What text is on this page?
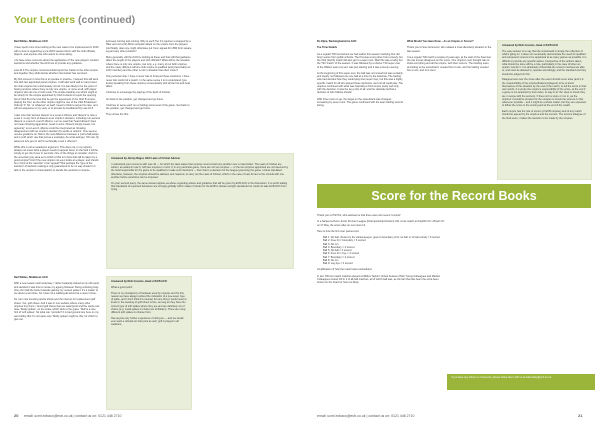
Your Letters (continued)

Ned Wildes, Middlesex ACO

I have spent more time looking at the new Laws to be implemented in 2016 with a view to organizing a pre-2016 season forum with the club officials, players, and anyone else who wants to come along.

I do have some concerns about the application of 'the new players' conduct sanctions and whether the ACO are to provide any guidance.

Law 42.3 The umpire concerned shall report the matter to the other umpire and together they shall decide whether misconduct has occurred.

My first concern is how this is to operate in practice. I suspect this will work fine with two appointed panel umpires. It will also work well in many lower-tier club umpires but unfortunately not all. It is less likely to be the point of having umpires where there is only one umpire, or none at all, with player umpires who do one or both ends. The simple bowling one which ought to be simply for the umpire appointed by Club A wants to report the opening bat of Club B at the toss that he got the agreement of the Club B umpire, playing the 'fine' as the other umpire might be one of the Club B batsmen! Voila tip 'F' No. 'or whatever' as well! I need to think to argue his case, and will not acquiesce to my view, or to at least be bewildered by Law 42.3.

I also note that 'serious dissent' is a Level 2 offence and 'dissent' is now a Level 1. Is any form of dissent at an umpire's decision, including non-serious dissent, is a level 1 event? offence. Let me read that 'heard dissent' does not mean showing aggression, head or arms. Dissent simply means 'not agreeing'; so a Level 1 offence could be interpreted as 'showing disagreement with an umpire's decision by words or actions'. One sees to receive guidance on: little is the new difference between a 'pull a ball-swipe' and a 'pull' (and I use that just as a example), As a bat-swinger, 'Oh rats, fly away but let's get on with it' technically Level 1 offence?

While this is not an academic argument. This does not, in my opinion, always not mean what a player needs to appeal. Even on the field it will be simply to get rid of over in seconds. One of the things to consider. And it is the uncertain grey area as to which of this is to how that will be taken by a good umpire? And if the new umpire not even looks at a player, and should be in front of the 'sanction' of an 'appeal'? But perhaps the 'type of the sanction' of decision making is only guaranteed to be no way should it or fails in the umpire's contemplation to decide the sanction to impose.

just keep coming and coming. Why is each Tier 21 requires a snapped by a flitter and not a full 30mm acoustic attack on the umpire from the players. And finally, does one might otherwise put 'tone' appeal for LBW from square leg and any other position?

More generally, will the ACO be looking at these and how will that guidance affect the length of the players and club officials? What will be the situation where there is only one umpire, two only, e.g. many of our both umpires, and the many different will one club umpire is qualified (and presumably an ACO member) and the other is not in situation that often crises?

One personal note: I hope it never has to fund just these sanctions. I have never lost control of a match. In the same sense it is to understand (you know) speaking from these umpire) unnecessarily with all the hot-and-heat affect.

Continue to encourage the playing of the Spirit of Cricket,

Go back to the position, get changed and go home.

Continue to serve each run or batting some level of the game. Get back to the position, get changed and go home.

They chose the first.

Answered by Jimmy Bagot, HGC Laws of Cricket Adviser

I understand your concerns with Law 42 — for which the laws states that umpires must consult one another over a misconduct. The Laws of Cricket are written, as stated in Law 3, with two umpires in mind. If, in any particular game, there are not two umpires — or the two umpires appointed are not deemed by the local responsible for the game to be qualified to make such decisions — then that is a decision for the league governing the game. Unless stipulated otherwise, however, the umpires should be allowed, and required, to carry out the Laws of Cricket, which in the case of Law 42 are to the consult with one another before sanctions can be imposed.

On your second query, the same answer applies as above regarding advice and guidance that will be given by ECB ACO in the discussion. It is worth adding that standards of expected behaviour are strongly globally which makes it harder for the ECB to dictate outright standards but could not take ECB ACO from trying.

Ned Wildes, Middlesex ACO

With a new season well underway, I rather belatedly looked at my old report and decided it was time to revise my ageing footwear. Being a lifelong long-time uhm half the better towards gaining my newest patient: it's a matter to me about a wet shoe. So I was not a walking-all around at a new-in shoe.

So I am now scouring sports shops and the internet for replacement golf shoes. Yes, golf shoes. And it was in one website where many other umpires buy them, I found golf shoes that are waterproof and the studs now have 'Sticky spikes', on the soles, which stick to the grass. 'Well is a nice hint of 'soft spikes'. So what can I provide? It is bad ground one here on my own hobby. But I'm not quite sure 'Sticky spikes' might be this, for which to give out.

Answered by Nick Cousins, Head of ECB ACO

What a good point!

There is no consistency of footwear used by umpires and for this reason we have always noticed the indication of a tree-saver type of spike, and I don't think it's unusual, but one thing I would need to know is: the wearing of golf shoes is fine, as long as they have the correct type of soft spikes where they are and are definitely not of choice (e.g. metal spikes in cricket are forbidden). There are many different soft spikes to choose from.

Has anyone any further experience of doing so — and we would ever want a rebuttal on that point as well, golf is played in all weathers.

20 email: ucml.ecbaco@ecb.co.uk | contact us on: 0121 446 2710

Bo Kljna, Buckinghamshire ACO

Toe Time Details

As a regular T20 tournament we had earlier this season involving four old boys' teams from public schools. The first was a long drive from a lovely, but the third (fourth) match did also go to a super over. Well this was a lucky but the T20 'match' of the season. It was followed by a shorter T20 super over of the Wildes' team cup as I was just starting and it was a lovely evening.

At the beginning of this super over, the ball was not scored but was certainly and clearly not followed one one ball at a time by the batsman. The batting side had decided how they would play their super over, but this was a highly specific match for all who played these decisions, and not all could play. The umpires continued with what was basically a third umpire pretty well only with the decision. It was the key point of all: and the rationale behind a decision of who follows should.

With three overs to go, the target on the scoreboard was changed, increasing by seven runs. The game continued with the team batting second losing.

What Would You Have Done – As an Umpire or Scorer?

Thank you to Sue Grosvenor, who related a most disorderly situation in the last season.

It is a regular T20 match a couple of years ago, at the start of the final over the two scores disagreed on the score. One umpire's next thought was to show everything and all the umpire, with their scorers. The bowling team, according to the scoreboard, needed four to win, and the batting needed five to win, and so it went.

Answered by Nick Cousins, Head of ECB ACO

The easy answer is to say that the scoreboard is simply the reflection of what's going on. It does not necessarily demonstrate the need for qualified and competent scorers to be appointed at as many games as possible. It is difficult to provide any specific advice. Irrespective of the actions taken, what should be done will be a role, particularly in the case of when an umpire 'counts' it. It is absolutely critical that the scorers involved are able to, and must be allowed to, operate accordingly, and the standard and they should be judged on this.

Disagreement over the score after the event should never arise (and it is the responsibility of the umpires/batsmen/players) to be to know themselves of the situation by the end of the match, to tell the score in their own words. It is pretty the umpire's responsibility (if the score, at the end if a game is not acquired by their sides, to stay in at 'the' clear to check they are in scope with the scorers). If there isn't a score or run in, as the umpires' it would be prudent for the umpires to check the scorers on this whenever possible – and it might be a whole matter, but they are expected to follow the score in the scoring and at the end of the match.

Each umpire has the role of scorer (or ECB umpires) and of any match should be agreed by the umpires and the scorers. The scorers disagree of the final score, it takes the decision to be made by the umpires.

Score for the Record Books

Thank you to Phil Hol, who advised us that there were two recent 'records':

In a Saracens Herts Junior Premier League (Championship Division) U11 cross match at Ampthill CC v Broxit CC on 27 May, the score after an over was 2-0.

Here is how the first over panned out:

Ball 1: No ball, thrown by the wicket-keeper, goes to boundary (4 for no ball, in to ball extras) = 6 scored
Ball 2: Free hit = boundary = 6 scored
Ball 3: No run
Ball 4: Boundary = 4 scored
Ball 5: No ball = 2 scored
Ball 6: Free hit = bye = 4 scored
Ball 7: Boundary = 4 scored
Ball 8: No run
Ball 9: Leg bye = 4 scored

Amplification of how the match was rescheduled.

In two T20 two match matches played at Wildes Taylors' United between HGC Young Colleagues and Marlow Colleagues scored 2/0 in 2 of all-ball matches, all of which ball was, as the fact that has been the extra been shown on the board or how it is likely.

If you have any letters or comments, please share them with us at lettershelp@ecb.co.uk
email: ucml.ecbaco@ecb.co.uk | contact us on: 0121 446 2710	21
